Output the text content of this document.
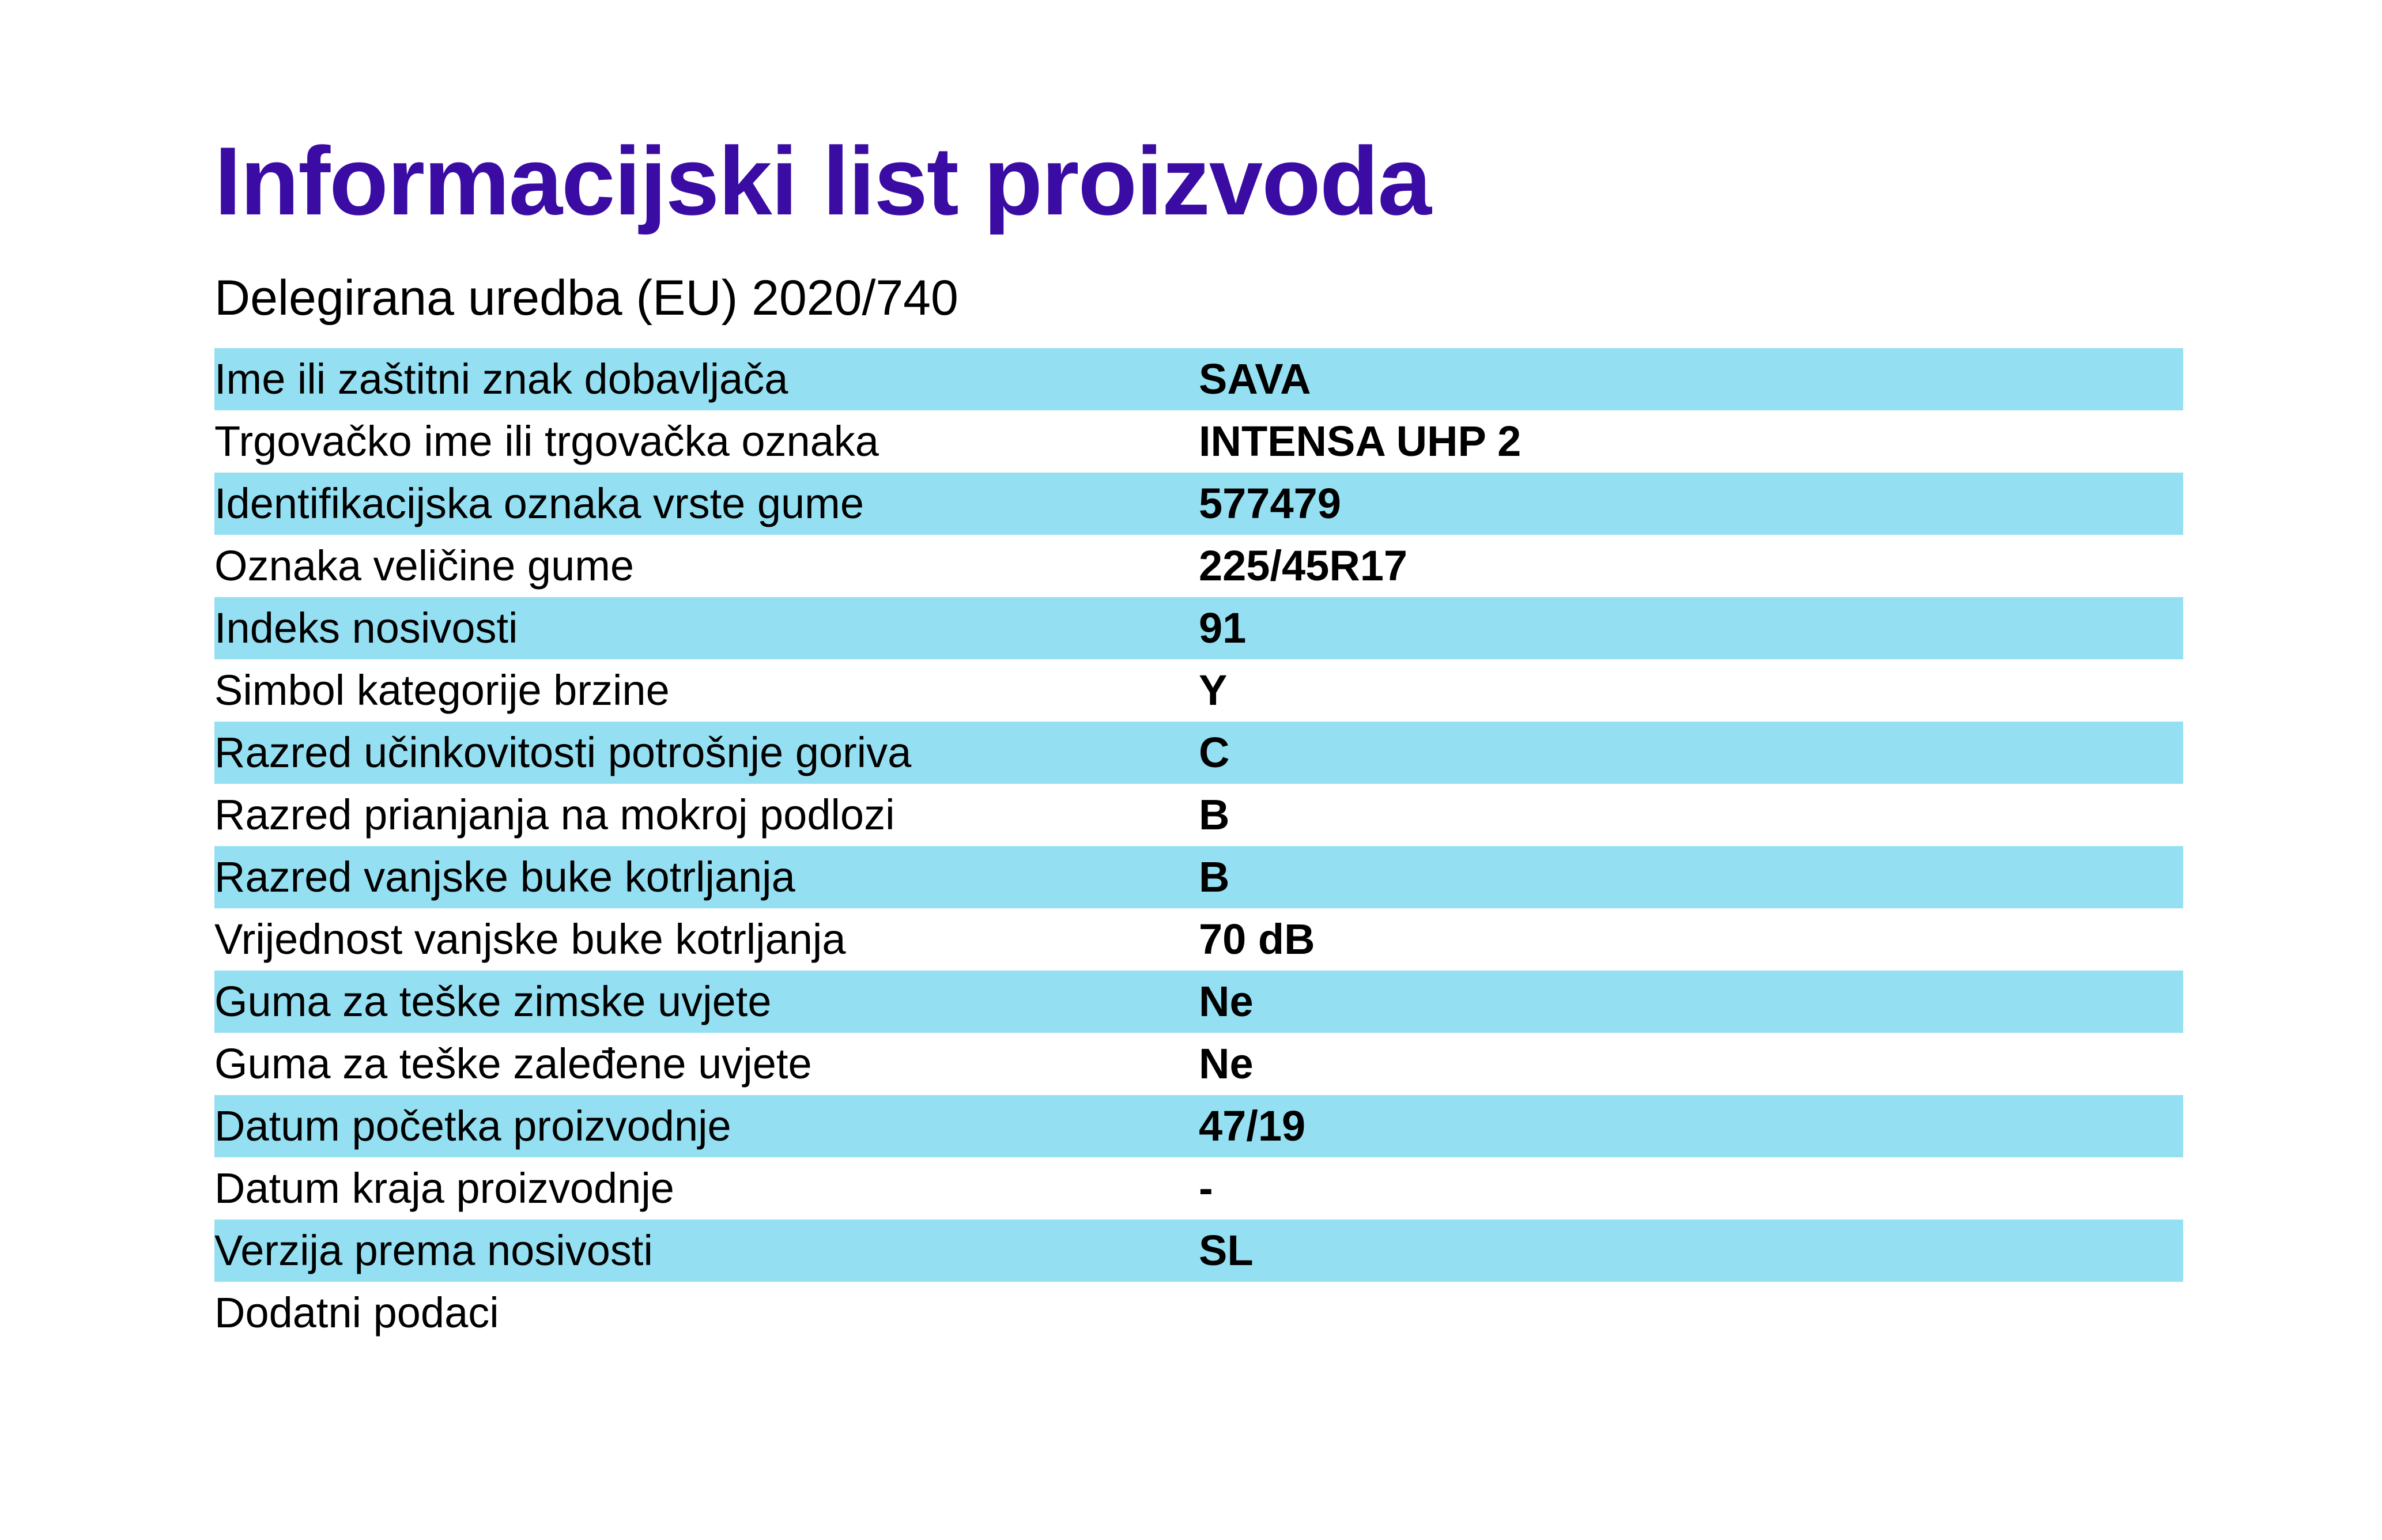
Informacijski list proizvoda
Delegirana uredba (EU) 2020/740
Ime ili zaštitni znak dobavljača	SAVA
Trgovačko ime ili trgovačka oznaka	INTENSA UHP 2
Identifikacijska oznaka vrste gume	577479
Oznaka veličine gume	225/45R17
Indeks nosivosti	91
Simbol kategorije brzine	Y
Razred učinkovitosti potrošnje goriva	C
Razred prianjanja na mokroj podlozi	B
Razred vanjske buke kotrljanja	B
Vrijednost vanjske buke kotrljanja	70 dB
Guma za teške zimske uvjete	Ne
Guma za teške zaleđene uvjete	Ne
Datum početka proizvodnje	47/19
Datum kraja proizvodnje	-
Verzija prema nosivosti	SL
Dodatni podaci
